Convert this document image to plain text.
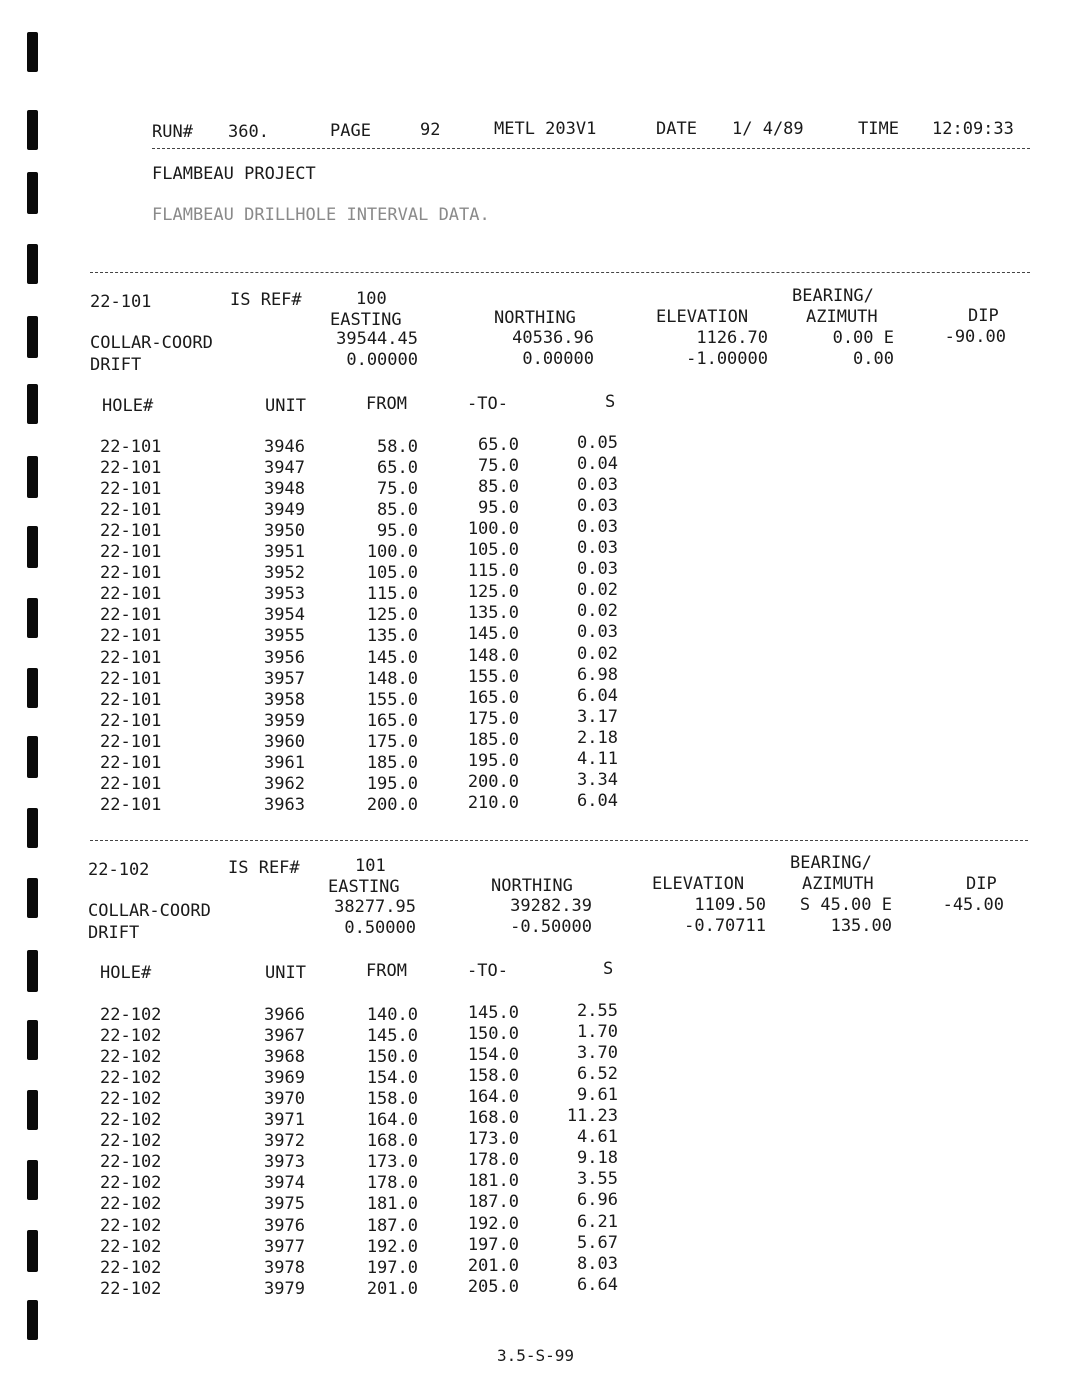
RUN# 360.	PAGE	92	METL 203V1	DATE 1/ 4/89	TIME 12:09:33
FLAMBEAU PROJECT
FLAMBEAU DRILLHOLE INTERVAL DATA.
22-101	IS REF#	100	BEARING/
EASTING	NORTHING	ELEVATION	AZIMUTH	DIP
COLLAR-COORD	39544.45	40536.96	1126.70	0.00 E	-90.00
DRIFT	0.00000	0.00000	-1.00000	0.00
HOLE#	UNIT	FROM	-TO-	S
22-101	3946	58.0	65.0	0.05
22-101	3947	65.0	75.0	0.04
22-101	3948	75.0	85.0	0.03
22-101	3949	85.0	95.0	0.03
22-101	3950	95.0	100.0	0.03
22-101	3951	100.0	105.0	0.03
22-101	3952	105.0	115.0	0.03
22-101	3953	115.0	125.0	0.02
22-101	3954	125.0	135.0	0.02
22-101	3955	135.0	145.0	0.03
22-101	3956	145.0	148.0	0.02
22-101	3957	148.0	155.0	6.98
22-101	3958	155.0	165.0	6.04
22-101	3959	165.0	175.0	3.17
22-101	3960	175.0	185.0	2.18
22-101	3961	185.0	195.0	4.11
22-101	3962	195.0	200.0	3.34
22-101	3963	200.0	210.0	6.04
22-102	IS REF#	101	BEARING/
EASTING	NORTHING	ELEVATION	AZIMUTH	DIP
COLLAR-COORD	38277.95	39282.39	1109.50	S 45.00 E	-45.00
DRIFT	0.50000	-0.50000	-0.70711	135.00
HOLE#	UNIT	FROM	-TO-	S
22-102	3966	140.0	145.0	2.55
22-102	3967	145.0	150.0	1.70
22-102	3968	150.0	154.0	3.70
22-102	3969	154.0	158.0	6.52
22-102	3970	158.0	164.0	9.61
22-102	3971	164.0	168.0	11.23
22-102	3972	168.0	173.0	4.61
22-102	3973	173.0	178.0	9.18
22-102	3974	178.0	181.0	3.55
22-102	3975	181.0	187.0	6.96
22-102	3976	187.0	192.0	6.21
22-102	3977	192.0	197.0	5.67
22-102	3978	197.0	201.0	8.03
22-102	3979	201.0	205.0	6.64
3.5-S-99
